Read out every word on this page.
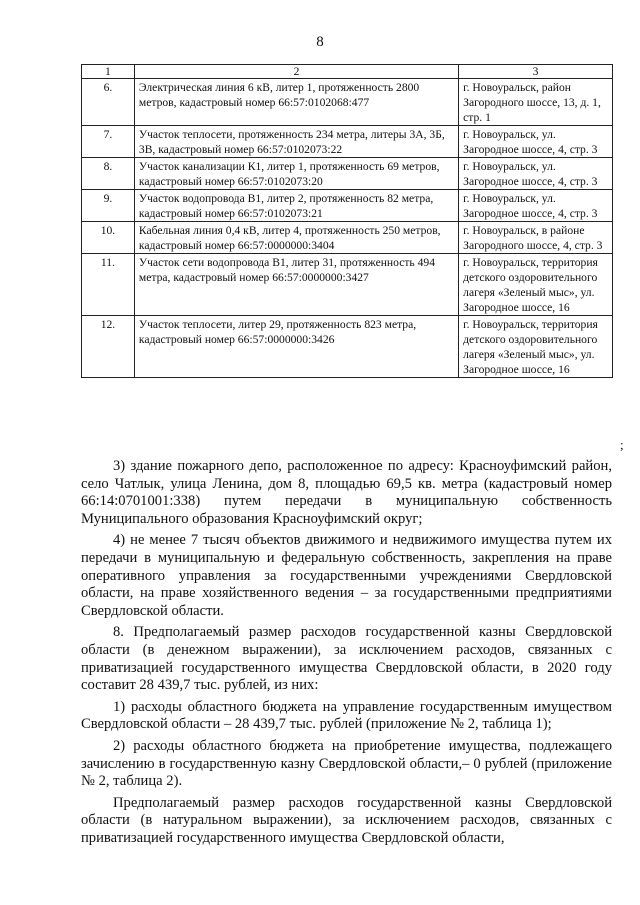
8
1	2	3
6.	Электрическая линия 6 кВ, литер 1, протяженность 2800 метров, кадастровый номер 66:57:0102068:477	г. Новоуральск, район Загородного шоссе, 13, д. 1, стр. 1
7.	Участок теплосети, протяженность 234 метра, литеры 3А, 3Б, 3В, кадастровый номер 66:57:0102073:22	г. Новоуральск, ул. Загородное шоссе, 4, стр. 3
8.	Участок канализации К1, литер 1, протяженность 69 метров, кадастровый номер 66:57:0102073:20	г. Новоуральск, ул. Загородное шоссе, 4, стр. 3
9.	Участок водопровода В1, литер 2, протяженность 82 метра, кадастровый номер 66:57:0102073:21	г. Новоуральск, ул. Загородное шоссе, 4, стр. 3
10.	Кабельная линия 0,4 кВ, литер 4, протяженность 250 метров, кадастровый номер 66:57:0000000:3404	г. Новоуральск, в районе Загородного шоссе, 4, стр. 3
11.	Участок сети водопровода В1, литер 31, протяженность 494 метра, кадастровый номер 66:57:0000000:3427	г. Новоуральск, территория детского оздоровительного лагеря «Зеленый мыс», ул. Загородное шоссе, 16
12.	Участок теплосети, литер 29, протяженность 823 метра, кадастровый номер 66:57:0000000:3426	г. Новоуральск, территория детского оздоровительного лагеря «Зеленый мыс», ул. Загородное шоссе, 16
;

3) здание пожарного депо, расположенное по адресу: Красноуфимский район, село Чатлык, улица Ленина, дом 8, площадью 69,5 кв. метра (кадастровый номер 66:14:0701001:338) путем передачи в муниципальную собственность Муниципального образования Красноуфимский округ;

4) не менее 7 тысяч объектов движимого и недвижимого имущества путем их передачи в муниципальную и федеральную собственность, закрепления на праве оперативного управления за государственными учреждениями Свердловской области, на праве хозяйственного ведения – за государственными предприятиями Свердловской области.

8. Предполагаемый размер расходов государственной казны Свердловской области (в денежном выражении), за исключением расходов, связанных с приватизацией государственного имущества Свердловской области, в 2020 году составит 28 439,7 тыс. рублей, из них:

1) расходы областного бюджета на управление государственным имуществом Свердловской области – 28 439,7 тыс. рублей (приложение № 2, таблица 1);

2) расходы областного бюджета на приобретение имущества, подлежащего зачислению в государственную казну Свердловской области,– 0 рублей (приложение № 2, таблица 2).

Предполагаемый размер расходов государственной казны Свердловской области (в натуральном выражении), за исключением расходов, связанных с приватизацией государственного имущества Свердловской области,
